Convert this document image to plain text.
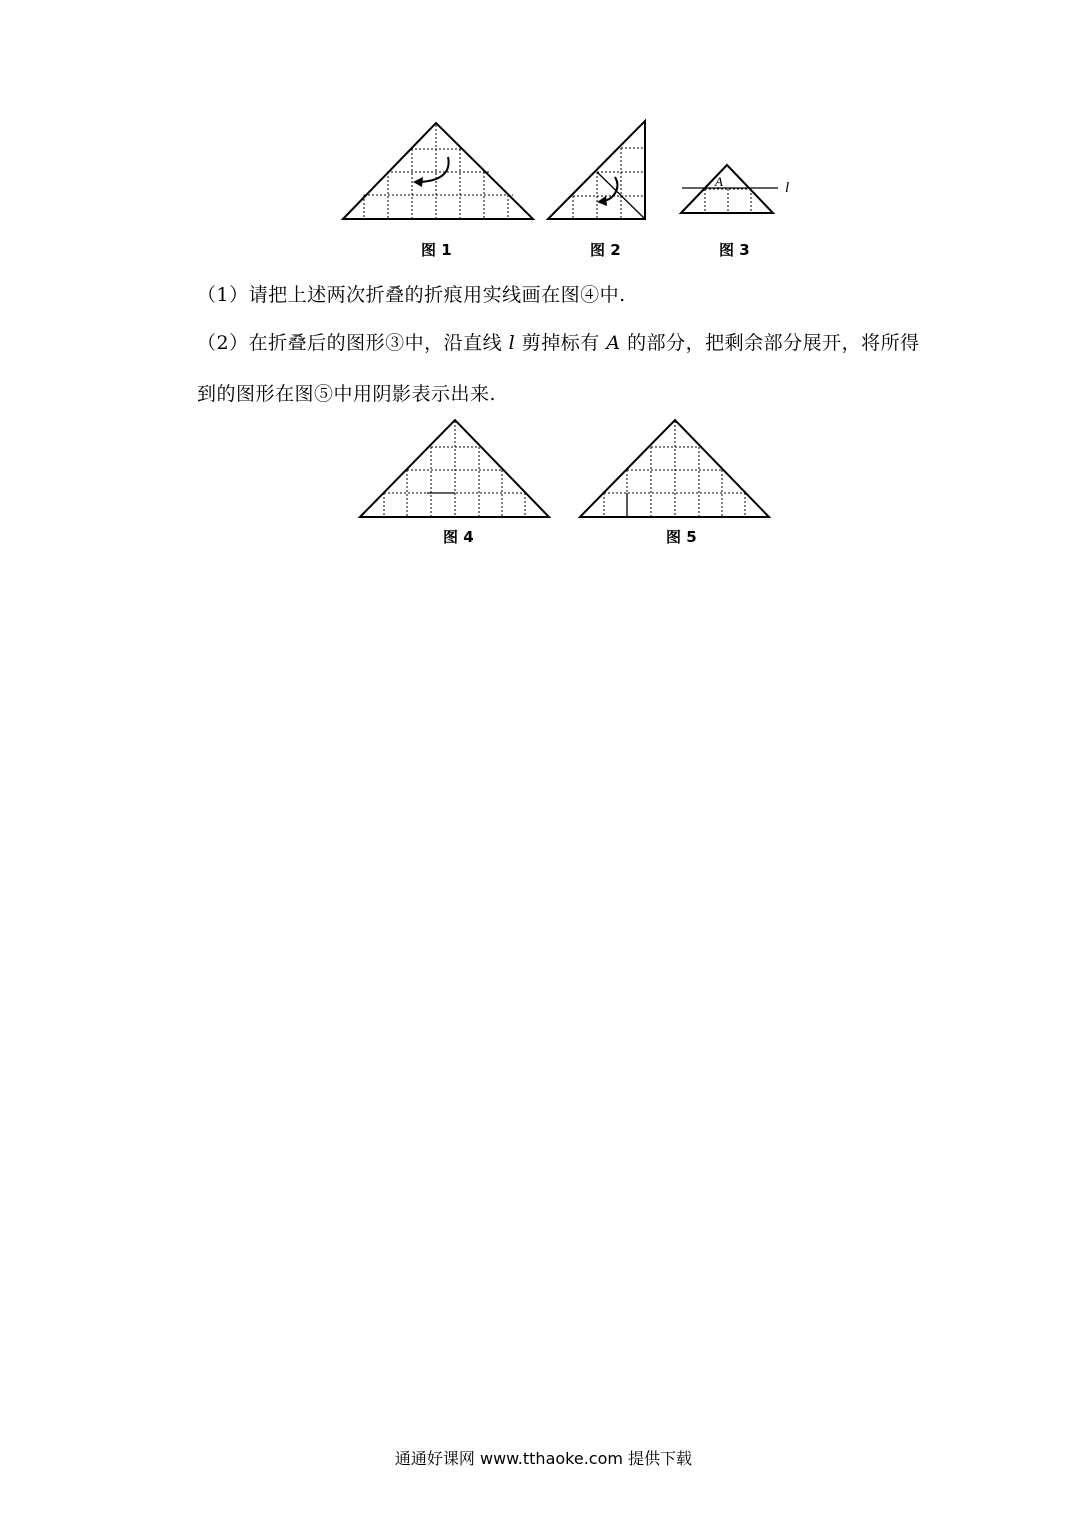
图 1	图 2
A	l
图 3
（1）请把上述两次折叠的折痕用实线画在图④中.
（2）在折叠后的图形③中，沿直线 l 剪掉标有 A 的部分，把剩余部分展开，将所得
到的图形在图⑤中用阴影表示出来.
图 4	图 5
通通好课网 www.tthaoke.com 提供下载
